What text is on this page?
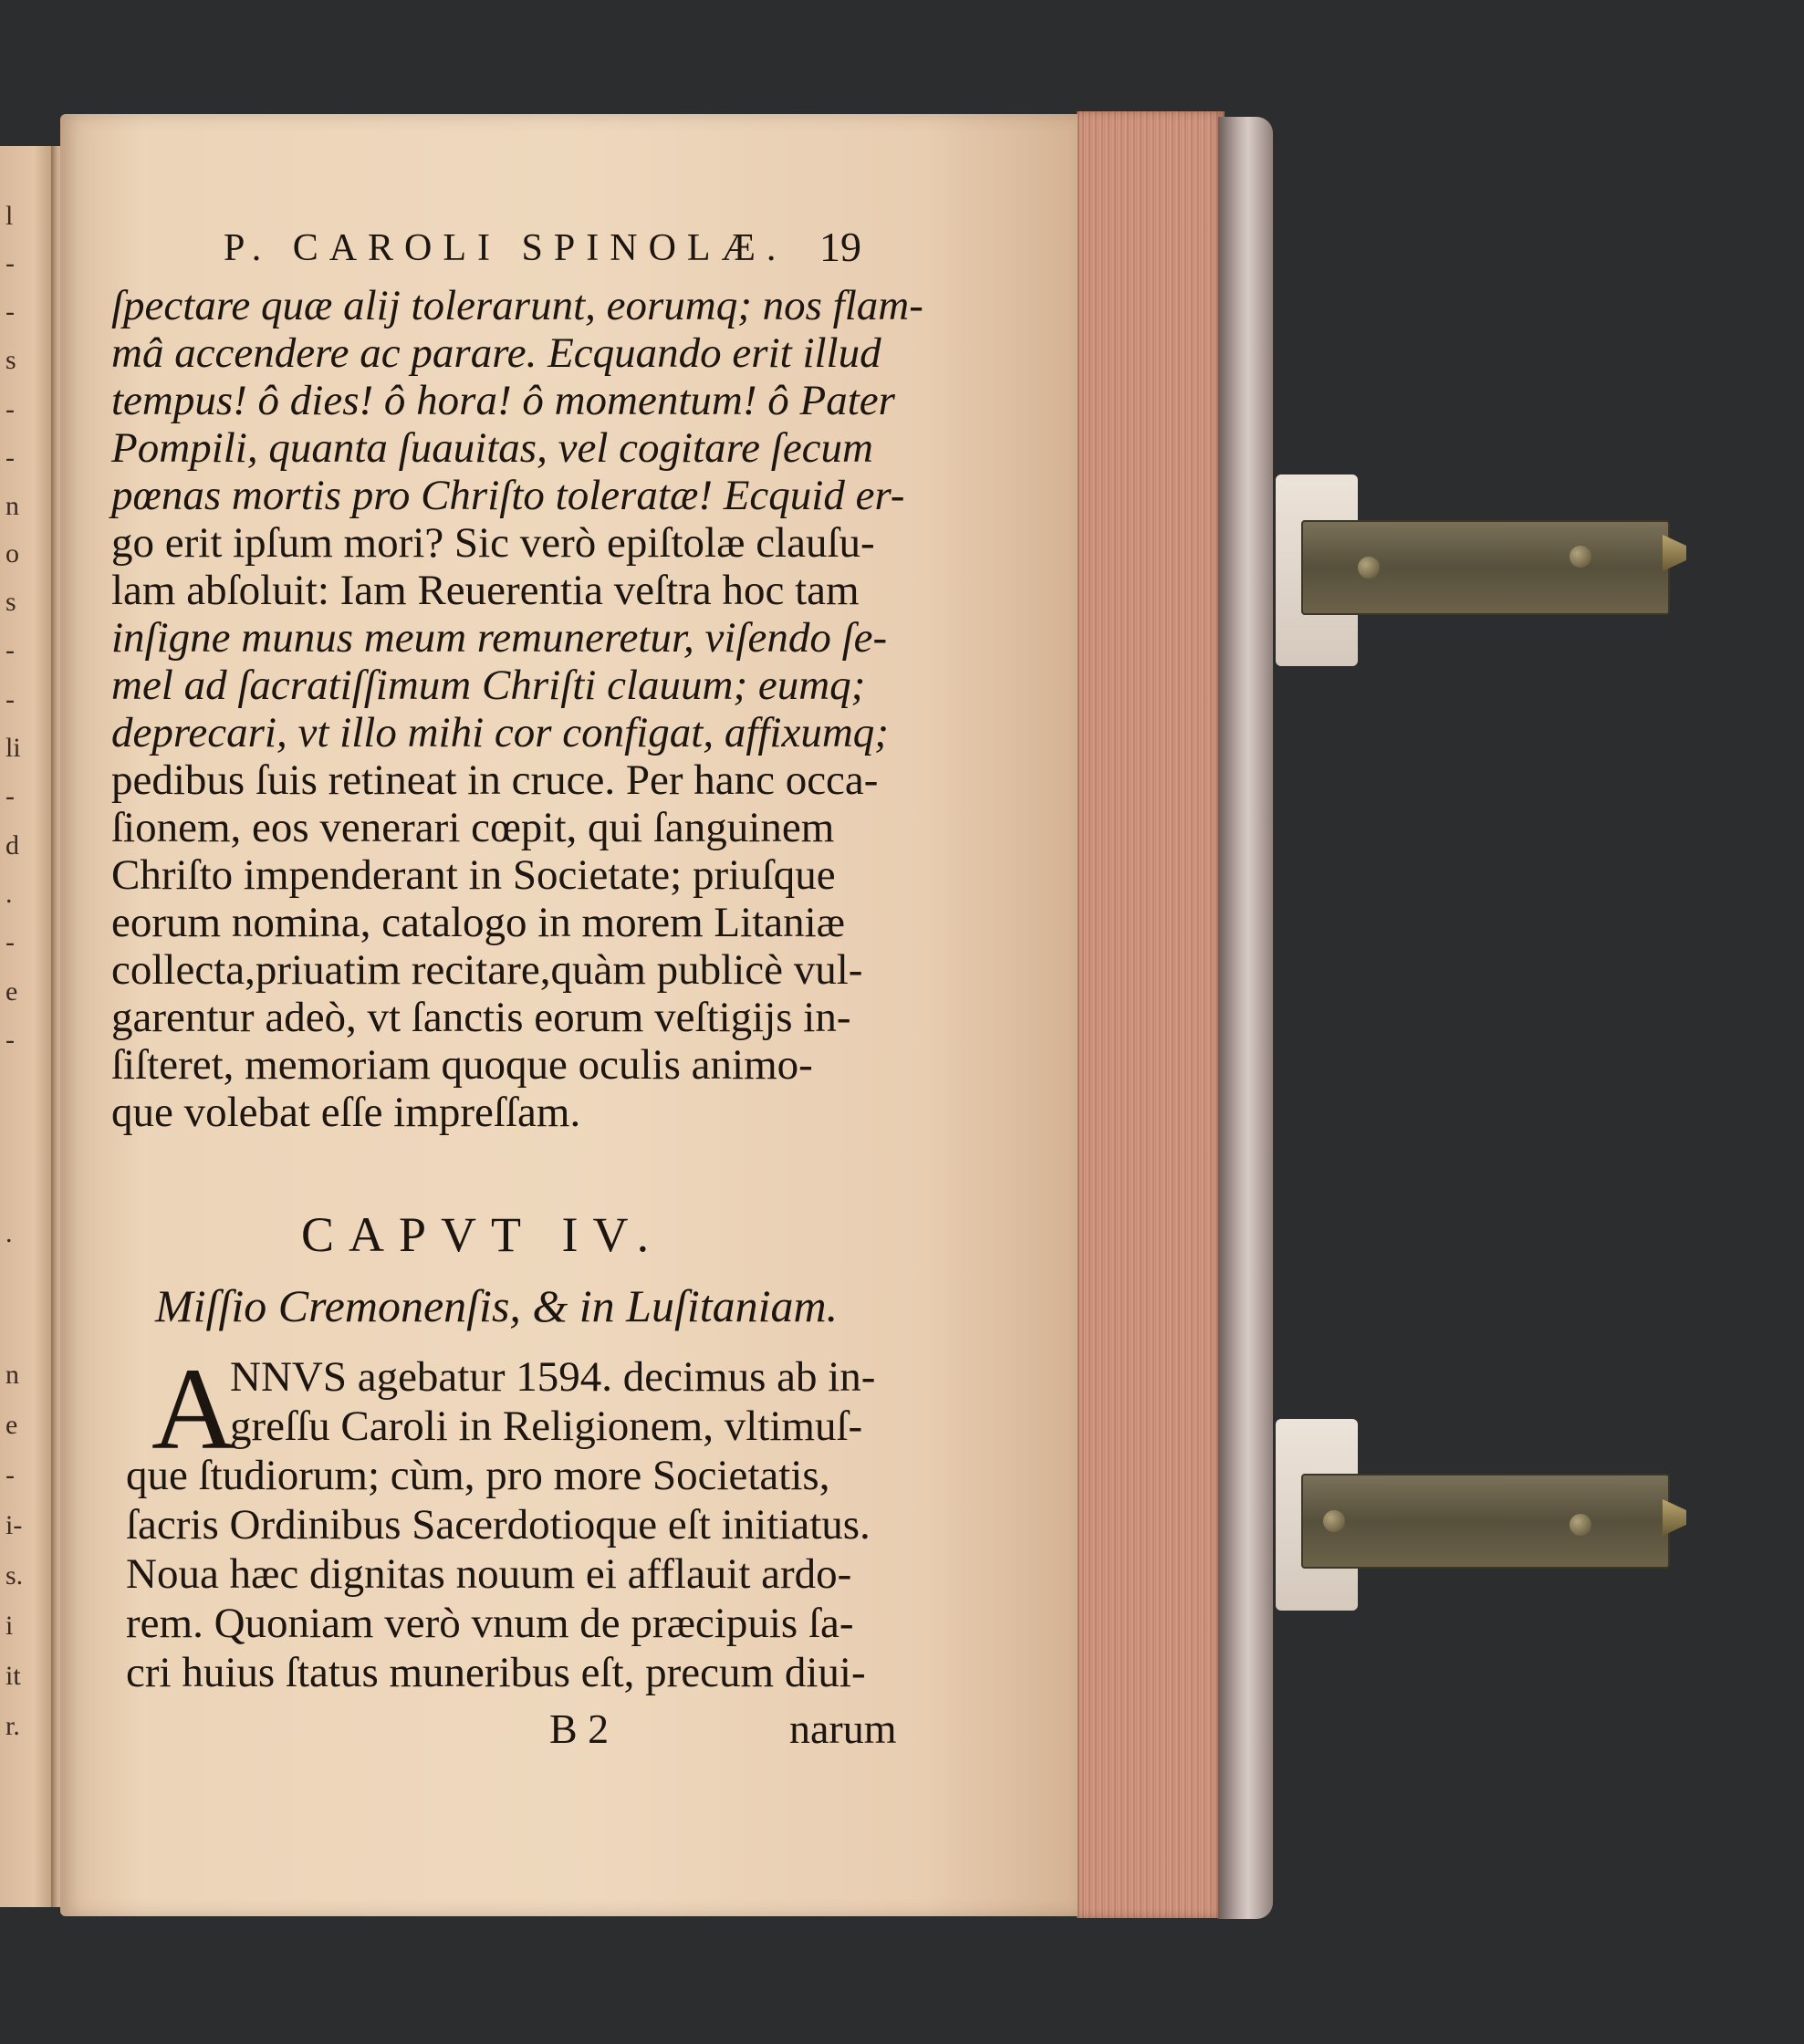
l
-
-
s
-
-
n
o
s
-
-
li
-
d
.
-
e
-
.
n
e
-
i-
s.
i
it
r.
P. CAROLI SPINOLÆ. 19
ſpectare quæ alij tolerarunt, eorumq; nos flam-
mâ accendere ac parare. Ecquando erit illud
tempus! ô dies! ô hora! ô momentum! ô Pater
Pompili, quanta ſuauitas, vel cogitare ſecum
pœnas mortis pro Chriſto toleratæ! Ecquid er-
go erit ipſum mori? Sic verò epiſtolæ clauſu-
lam abſoluit: Iam Reuerentia veſtra hoc tam
inſigne munus meum remuneretur, viſendo ſe-
mel ad ſacratiſſimum Chriſti clauum; eumq;
deprecari, vt illo mihi cor configat, affixumq;
pedibus ſuis retineat in cruce. Per hanc occa-
ſionem, eos venerari cœpit, qui ſanguinem
Chriſto impenderant in Societate; priuſque
eorum nomina, catalogo in morem Litaniæ
collecta,priuatim recitare,quàm publicè vul-
garentur adeò, vt ſanctis eorum veſtigijs in-
ſiſteret, memoriam quoque oculis animo-
que volebat eſſe impreſſam.
CAPVT IV.
Miſſio Cremonenſis, & in Luſitaniam.
A
NNVS agebatur 1594. decimus ab in-
greſſu Caroli in Religionem, vltimuſ-
que ſtudiorum; cùm, pro more Societatis,
ſacris Ordinibus Sacerdotioque eſt initiatus.
Noua hæc dignitas nouum ei afflauit ardo-
rem. Quoniam verò vnum de præcipuis ſa-
cri huius ſtatus muneribus eſt, precum diui-
B 2	narum
